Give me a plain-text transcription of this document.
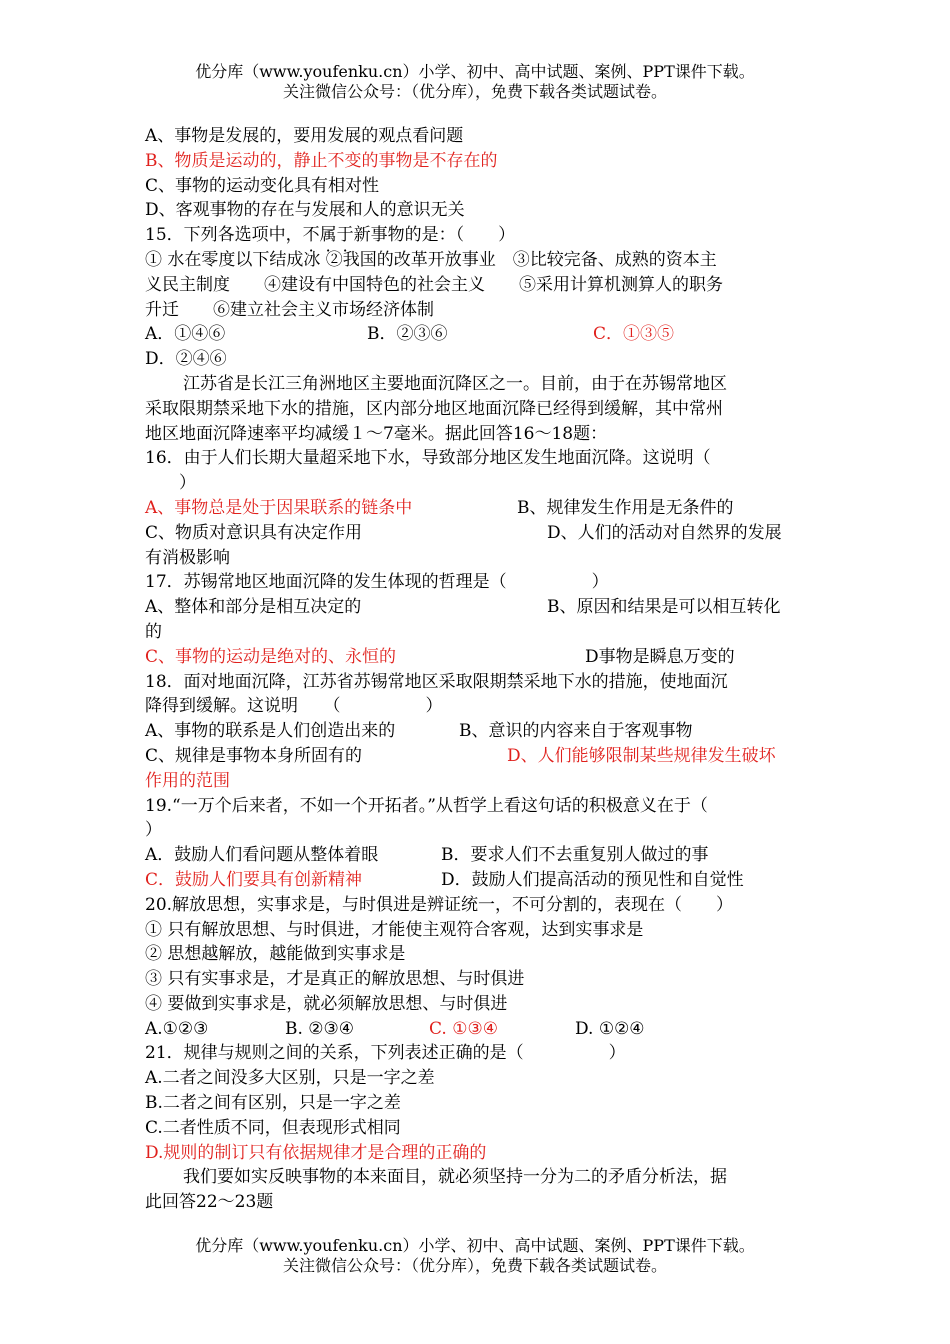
优分库（www.youfenku.cn）小学、初中、高中试题、案例、PPT课件下载。
关注微信公众号：（优分库），免费下载各类试题试卷。
A、事物是发展的，要用发展的观点看问题
B、物质是运动的，静止不变的事物是不存在的
C、事物的运动变化具有相对性
D、客观事物的存在与发展和人的意识无关
15．下列各选项中，不属于新事物的是：（　　）
① 水在零度以下结成冰 ②我国的改革开放事业　③比较完备、成熟的资本主
义民主制度　　④建设有中国特色的社会主义　　⑤采用计算机测算人的职务
升迁　　⑥建立社会主义市场经济体制
A．①④⑥	B．②③⑥	C．①③⑤
D．②④⑥
江苏省是长江三角洲地区主要地面沉降区之一。目前，由于在苏锡常地区
采取限期禁采地下水的措施，区内部分地区地面沉降已经得到缓解，其中常州
地区地面沉降速率平均减缓１～7毫米。据此回答16～18题：
16．由于人们长期大量超采地下水，导致部分地区发生地面沉降。这说明（
　　）
A、事物总是处于因果联系的链条中	B、规律发生作用是无条件的
C、物质对意识具有决定作用	D、人们的活动对自然界的发展
有消极影响
17．苏锡常地区地面沉降的发生体现的哲理是（　　　　　）
A、整体和部分是相互决定的	B、原因和结果是可以相互转化
的
C、事物的运动是绝对的、永恒的	D事物是瞬息万变的
18．面对地面沉降，江苏省苏锡常地区采取限期禁采地下水的措施，使地面沉
降得到缓解。这说明　　（　　　　　）
A、事物的联系是人们创造出来的	B、意识的内容来自于客观事物
C、规律是事物本身所固有的	D、人们能够限制某些规律发生破坏
作用的范围
19.“一万个后来者，不如一个开拓者。”从哲学上看这句话的积极意义在于（
）
A．鼓励人们看问题从整体着眼	B．要求人们不去重复别人做过的事
C．鼓励人们要具有创新精神	D．鼓励人们提高活动的预见性和自觉性
20.解放思想，实事求是，与时俱进是辨证统一，不可分割的，表现在（　　）
① 只有解放思想、与时俱进，才能使主观符合客观，达到实事求是
② 思想越解放，越能做到实事求是
③ 只有实事求是，才是真正的解放思想、与时俱进
④ 要做到实事求是，就必须解放思想、与时俱进
A.①②③	B. ②③④	C. ①③④	D. ①②④
21．规律与规则之间的关系，下列表述正确的是（　　　　　）
A.二者之间没多大区别，只是一字之差
B.二者之间有区别，只是一字之差
C.二者性质不同，但表现形式相同
D.规则的制订只有依据规律才是合理的正确的
我们要如实反映事物的本来面目，就必须坚持一分为二的矛盾分析法，据
此回答22～23题
优分库（www.youfenku.cn）小学、初中、高中试题、案例、PPT课件下载。
关注微信公众号：（优分库），免费下载各类试题试卷。
